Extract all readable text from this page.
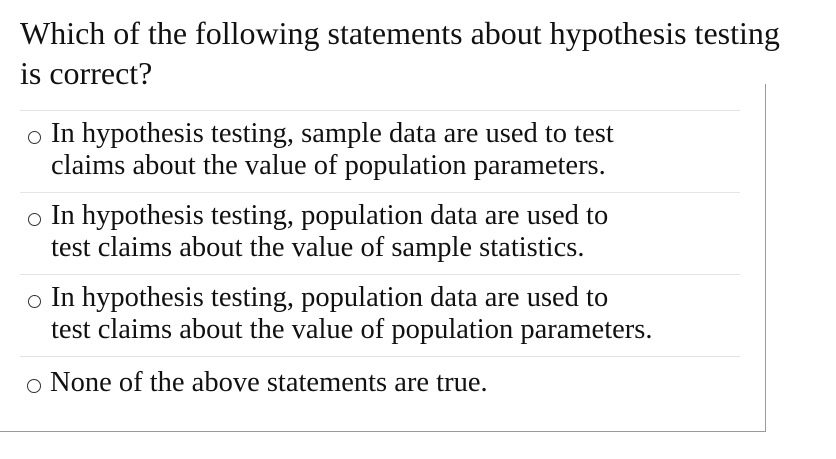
Which of the following statements about hypothesis testing
is correct?
In hypothesis testing, sample data are used to test
claims about the value of population parameters.
In hypothesis testing, population data are used to
test claims about the value of sample statistics.
In hypothesis testing, population data are used to
test claims about the value of population parameters.
None of the above statements are true.
